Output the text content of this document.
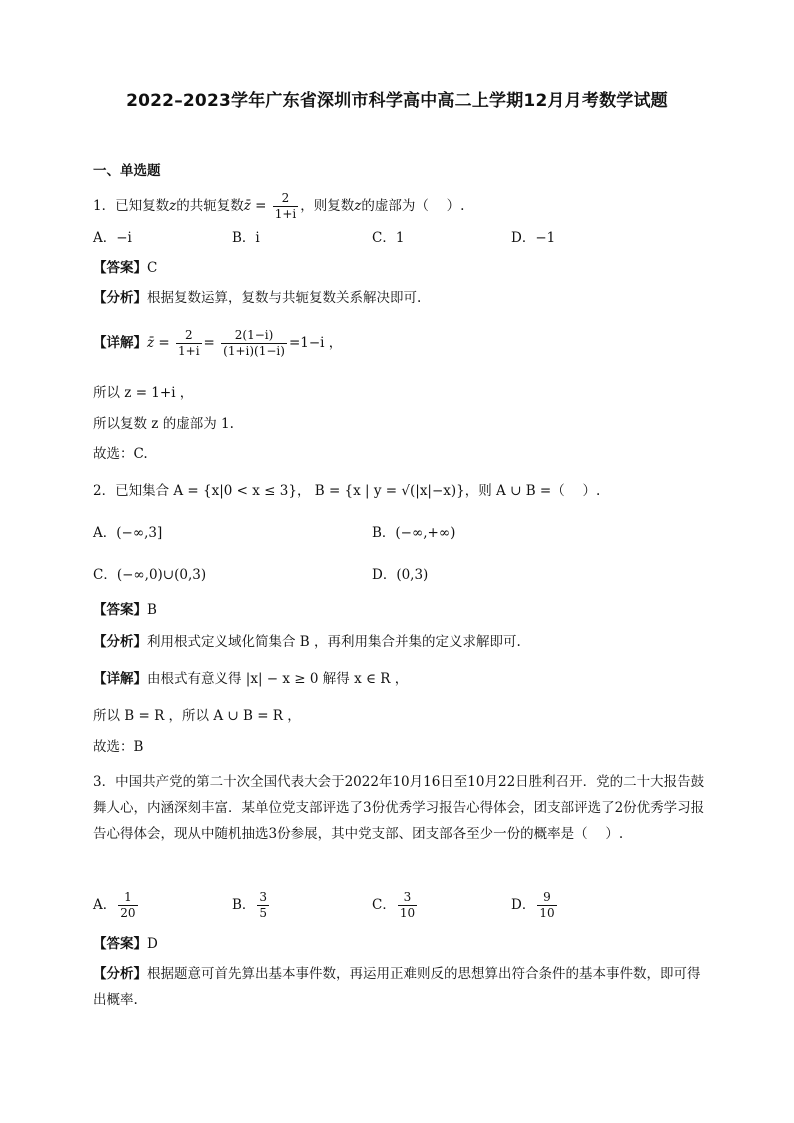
2022–2023学年广东省深圳市科学高中高二上学期12月月考数学试题
一、单选题
1．已知复数z的共轭复数z̄ = $\frac{2}{1+i}$ ，则复数z的虚部为（　 ）.
A．−i	B．i	C．1	D．−1
【答案】C
【分析】根据复数运算，复数与共轭复数关系解决即可.
【详解】z̄ = $\frac{2}{1+i} = \frac{2(1-i)}{(1+i)(1-i)} =1-i$ ，
所以 z = 1+i ，
所以复数 z 的虚部为 1.
故选：C.
2．已知集合 A = {x|0 < x ≤ 3}， B = {x | y = √(|x|−x)}，则 A ∪ B =（　 ）.
A．(−∞,3]	B．(−∞,+∞)
C．(−∞,0)∪(0,3)	D．(0,3)
【答案】B
【分析】利用根式定义域化简集合 B ，再利用集合并集的定义求解即可.
【详解】由根式有意义得 |x| − x ≥ 0 解得 x ∈ R ，
所以 B = R ，所以 A ∪ B = R ，
故选：B
3．中国共产党的第二十次全国代表大会于2022年10月16日至10月22日胜利召开．党的二十大报告鼓舞人心，内涵深刻丰富．某单位党支部评选了3份优秀学习报告心得体会，团支部评选了2份优秀学习报告心得体会，现从中随机抽选3份参展，其中党支部、团支部各至少一份的概率是（　 ）.
A． $\frac{1}{20}$	B． $\frac{3}{5}$	C． $\frac{3}{10}$	D． $\frac{9}{10}$
【答案】D
【分析】根据题意可首先算出基本事件数，再运用正难则反的思想算出符合条件的基本事件数，即可得出概率.
